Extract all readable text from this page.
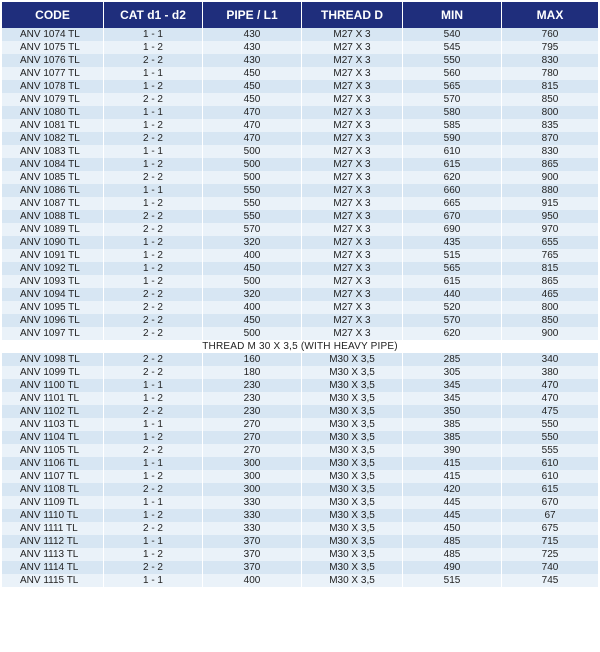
CODE	CAT d1 - d2	PIPE / L1	THREAD D	MIN	MAX
ANV 1074 TL	1 - 1	430	M27 X 3	540	760
ANV 1075 TL	1 - 2	430	M27 X 3	545	795
ANV 1076 TL	2 - 2	430	M27 X 3	550	830
ANV 1077 TL	1 - 1	450	M27 X 3	560	780
ANV 1078 TL	1 - 2	450	M27 X 3	565	815
ANV 1079 TL	2 - 2	450	M27 X 3	570	850
ANV 1080 TL	1 - 1	470	M27 X 3	580	800
ANV 1081 TL	1 - 2	470	M27 X 3	585	835
ANV 1082 TL	2 - 2	470	M27 X 3	590	870
ANV 1083 TL	1 - 1	500	M27 X 3	610	830
ANV 1084 TL	1 - 2	500	M27 X 3	615	865
ANV 1085 TL	2 - 2	500	M27 X 3	620	900
ANV 1086 TL	1 - 1	550	M27 X 3	660	880
ANV 1087 TL	1 - 2	550	M27 X 3	665	915
ANV 1088 TL	2 - 2	550	M27 X 3	670	950
ANV 1089 TL	2 - 2	570	M27 X 3	690	970
ANV 1090 TL	1 - 2	320	M27 X 3	435	655
ANV 1091 TL	1 - 2	400	M27 X 3	515	765
ANV 1092 TL	1 - 2	450	M27 X 3	565	815
ANV 1093 TL	1 - 2	500	M27 X 3	615	865
ANV 1094 TL	2 - 2	320	M27 X 3	440	465
ANV 1095 TL	2 - 2	400	M27 X 3	520	800
ANV 1096 TL	2 - 2	450	M27 X 3	570	850
ANV 1097 TL	2 - 2	500	M27 X 3	620	900
THREAD M 30 X 3,5 (WITH HEAVY PIPE)					
ANV 1098 TL	2 - 2	160	M30 X 3,5	285	340
ANV 1099 TL	2 - 2	180	M30 X 3,5	305	380
ANV 1100 TL	1 - 1	230	M30 X 3,5	345	470
ANV 1101 TL	1 - 2	230	M30 X 3,5	345	470
ANV 1102 TL	2 - 2	230	M30 X 3,5	350	475
ANV 1103 TL	1 - 1	270	M30 X 3,5	385	550
ANV 1104 TL	1 - 2	270	M30 X 3,5	385	550
ANV 1105 TL	2 - 2	270	M30 X 3,5	390	555
ANV 1106 TL	1 - 1	300	M30 X 3,5	415	610
ANV 1107 TL	1 - 2	300	M30 X 3,5	415	610
ANV 1108 TL	2 - 2	300	M30 X 3,5	420	615
ANV 1109 TL	1 - 1	330	M30 X 3,5	445	670
ANV 1110 TL	1 - 2	330	M30 X 3,5	445	67
ANV 1111 TL	2 - 2	330	M30 X 3,5	450	675
ANV 1112 TL	1 - 1	370	M30 X 3,5	485	715
ANV 1113 TL	1 - 2	370	M30 X 3,5	485	725
ANV 1114 TL	2 - 2	370	M30 X 3,5	490	740
ANV 1115 TL	1 - 1	400	M30 X 3,5	515	745
